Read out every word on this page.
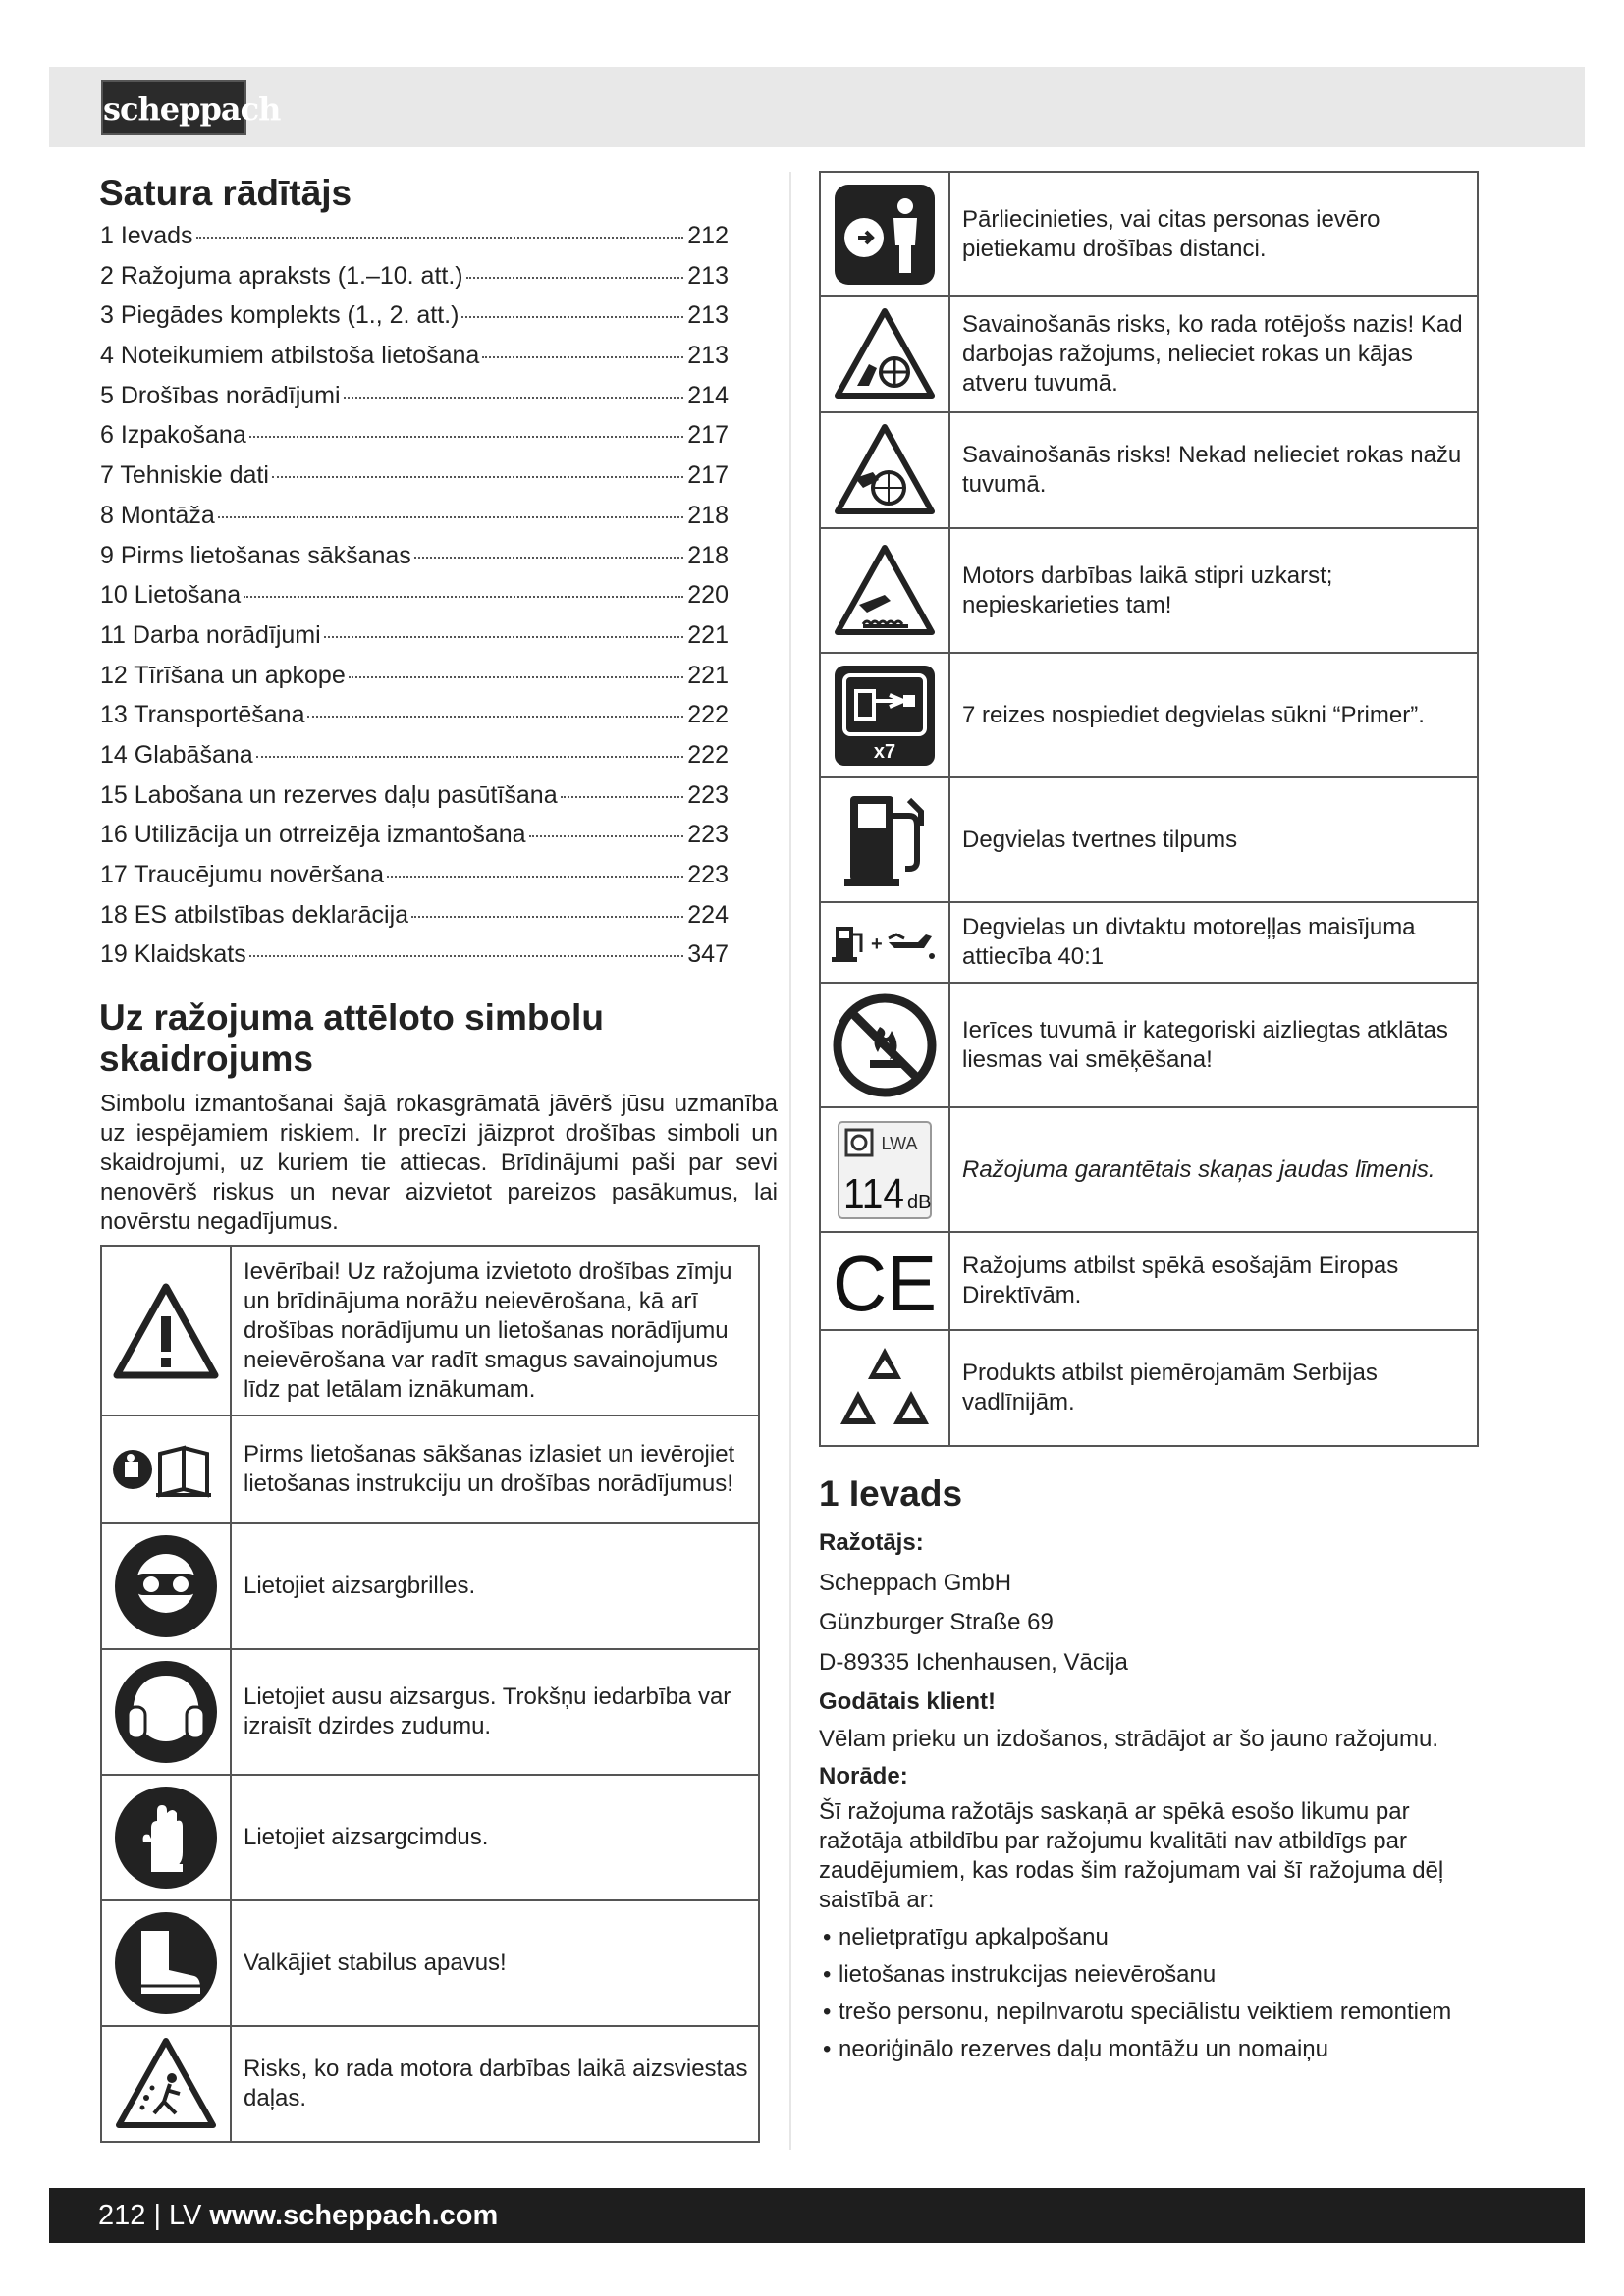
scheppach
Satura rādītājs
1 Ievads	212
2 Ražojuma apraksts (1.–10. att.)	213
3 Piegādes komplekts (1., 2. att.)	213
4 Noteikumiem atbilstoša lietošana	213
5 Drošības norādījumi	214
6 Izpakošana	217
7 Tehniskie dati	217
8 Montāža	218
9 Pirms lietošanas sākšanas	218
10 Lietošana	220
11 Darba norādījumi	221
12 Tīrīšana un apkope	221
13 Transportēšana	222
14 Glabāšana	222
15 Labošana un rezerves daļu pasūtīšana	223
16 Utilizācija un otrreizēja izmantošana	223
17 Traucējumu novēršana	223
18 ES atbilstības deklarācija	224
19 Klaidskats	347
Uz ražojuma attēloto simbolu skaidrojums
Simbolu izmantošanai šajā rokasgrāmatā jāvērš jūsu uzmanība uz iespējamiem riskiem. Ir precīzi jāizprot drošības simboli un skaidrojumi, uz kuriem tie attiecas. Brīdinājumi paši par sevi nenovērš riskus un nevar aizvietot pareizos pasākumus, lai novērstu negadījumus.
	Ievērībai! Uz ražojuma izvietoto drošības zīmju un brīdinājuma norāžu neievērošana, kā arī drošības norādījumu un lietošanas norādījumu neievērošana var radīt smagus savainojumus līdz pat letālam iznākumam.

	Pirms lietošanas sākšanas izlasiet un ievērojiet lietošanas instrukciju un drošības norādījumus!

	Lietojiet aizsargbrilles.

	Lietojiet ausu aizsargus. Trokšņu iedarbība var izraisīt dzirdes zudumu.

	Lietojiet aizsargcimdus.

	Valkājiet stabilus apavus!

	Risks, ko rada motora darbības laikā aizsviestas daļas.
	Pārliecinieties, vai citas personas ievēro pietiekamu drošības distanci.

	Savainošanās risks, ko rada rotējošs nazis! Kad darbojas ražojums, nelieciet rokas un kājas atveru tuvumā.

	Savainošanās risks! Nekad nelieciet rokas nažu tuvumā.

	Motors darbības laikā stipri uzkarst; nepieskarieties tam!

x7	7 reizes nospiediet degvielas sūkni “Primer”.

	Degvielas tvertnes tilpums

+	Degvielas un divtaktu motoreļļas maisījuma attiecība 40:1

	Ierīces tuvumā ir kategoriski aizliegtas atklātas liesmas vai smēķēšana!

LWA
114 dB	Ražojuma garantētais skaņas jaudas līmenis.

CE	Ražojums atbilst spēkā esošajām Eiropas Direktīvām.

	Produkts atbilst piemērojamām Serbijas vadlīnijām.
1 Ievads
Ražotājs:
Scheppach GmbH
Günzburger Straße 69
D-89335 Ichenhausen, Vācija
Godātais klient!
Vēlam prieku un izdošanos, strādājot ar šo jauno ražojumu.
Norāde:
Šī ražojuma ražotājs saskaņā ar spēkā esošo likumu par ražotāja atbildību par ražojumu kvalitāti nav atbildīgs par zaudējumiem, kas rodas šim ražojumam vai šī ražojuma dēļ saistībā ar:
• nelietpratīgu apkalpošanu
• lietošanas instrukcijas neievērošanu
• trešo personu, nepilnvarotu speciālistu veiktiem remontiem
• neoriģinālo rezerves daļu montāžu un nomaiņu
212 | LV www.scheppach.com
